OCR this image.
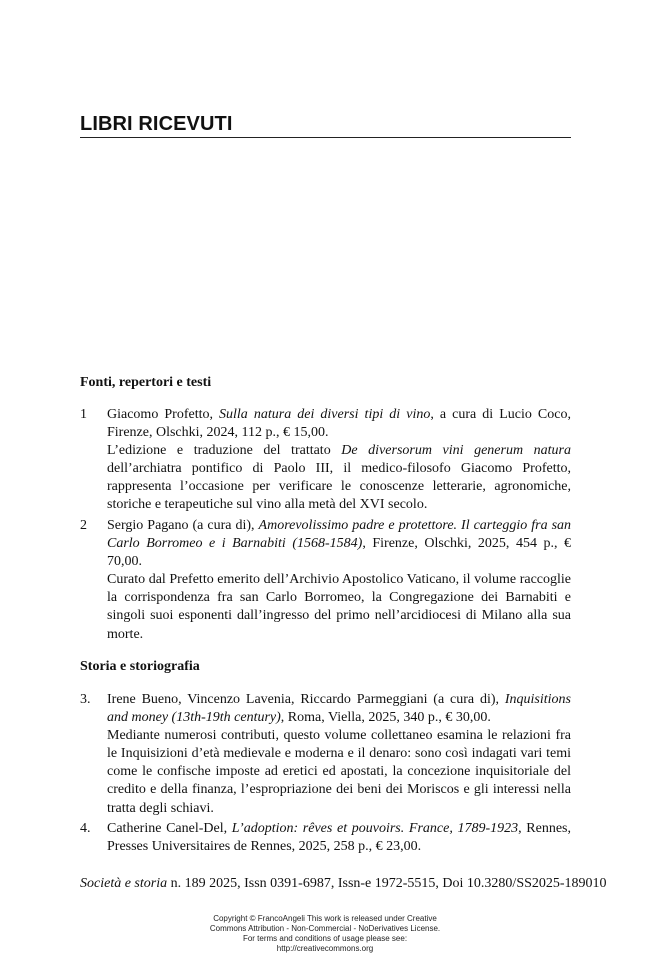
LIBRI RICEVUTI
Fonti, repertori e testi
1 Giacomo Profetto, Sulla natura dei diversi tipi di vino, a cura di Lucio Coco, Firenze, Olschki, 2024, 112 p., € 15,00.

L’edizione e traduzione del trattato De diversorum vini generum natura dell’archiatra pontifico di Paolo III, il medico-filosofo Giacomo Profetto, rappresenta l’occasione per verificare le conoscenze letterarie, agronomiche, storiche e terapeutiche sul vino alla metà del XVI secolo.

2 Sergio Pagano (a cura di), Amorevolissimo padre e protettore. Il carteggio fra san Carlo Borromeo e i Barnabiti (1568-1584), Firenze, Olschki, 2025, 454 p., € 70,00.

Curato dal Prefetto emerito dell’Archivio Apostolico Vaticano, il volume raccoglie la corrispondenza fra san Carlo Borromeo, la Congregazione dei Barnabiti e singoli suoi esponenti dall’ingresso del primo nell’arcidiocesi di Milano alla sua morte.

Storia e storiografia
3. Irene Bueno, Vincenzo Lavenia, Riccardo Parmeggiani (a cura di), Inquisitions and money (13th-19th century), Roma, Viella, 2025, 340 p., € 30,00.

Mediante numerosi contributi, questo volume collettaneo esamina le relazioni fra le Inquisizioni d’età medievale e moderna e il denaro: sono così indagati vari temi come le confische imposte ad eretici ed apostati, la concezione inquisitoriale del credito e della finanza, l’espropriazione dei beni dei Moriscos e gli interessi nella tratta degli schiavi.

4. Catherine Canel-Del, L’adoption: rêves et pouvoirs. France, 1789-1923, Rennes, Presses Universitaires de Rennes, 2025, 258 p., € 23,00.

Società e storia n. 189 2025, Issn 0391-6987, Issn-e 1972-5515, Doi 10.3280/SS2025-189010

Copyright © FrancoAngeli This work is released under Creative
Commons Attribution - Non-Commercial - NoDerivatives License.
For terms and conditions of usage please see:
http://creativecommons.org
